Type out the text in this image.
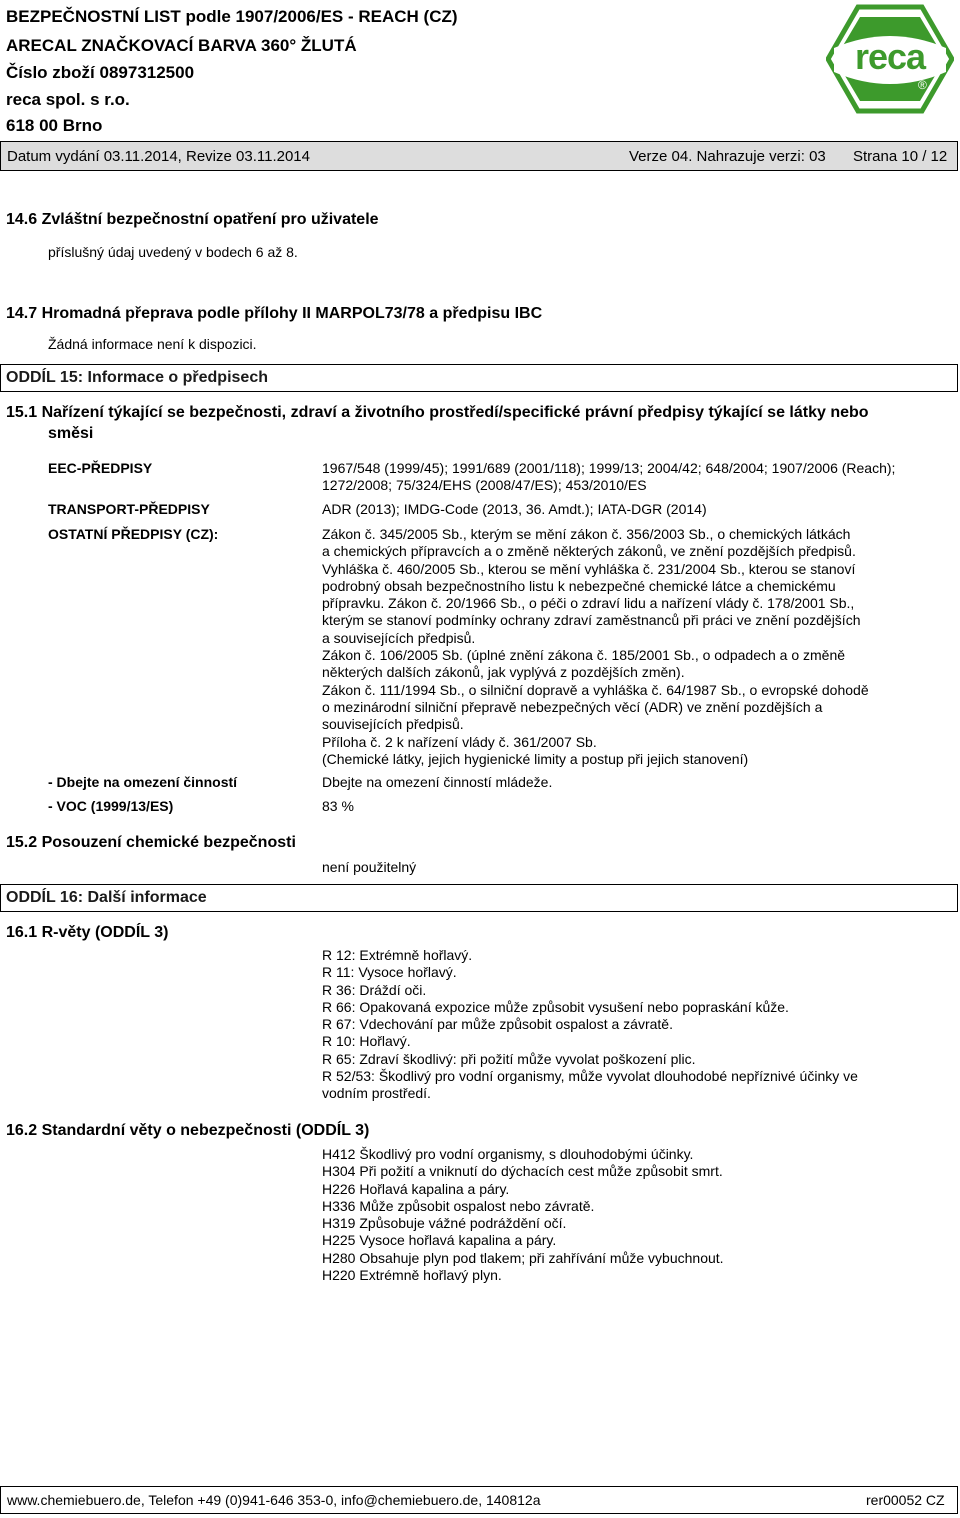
BEZPEČNOSTNÍ LIST podle 1907/2006/ES - REACH (CZ)
ARECAL ZNAČKOVACÍ BARVA 360° ŽLUTÁ
Číslo zboží 0897312500
reca spol. s r.o.
618 00 Brno
reca
®
Datum vydání 03.11.2014, Revize 03.11.2014	Verze 04. Nahrazuje verzi: 03 Strana 10 / 12
14.6 Zvláštní bezpečnostní opatření pro uživatele
příslušný údaj uvedený v bodech 6 až 8.
14.7 Hromadná přeprava podle přílohy II MARPOL73/78 a předpisu IBC
Žádná informace není k dispozici.
ODDÍL 15: Informace o předpisech
15.1 Nařízení týkající se bezpečnosti, zdraví a životního prostředí/specifické právní předpisy týkající se látky nebo
směsi
EEC-PŘEDPISY	1967/548 (1999/45); 1991/689 (2001/118); 1999/13; 2004/42; 648/2004; 1907/2006 (Reach);
1272/2008; 75/324/EHS (2008/47/ES); 453/2010/ES
TRANSPORT-PŘEDPISY	ADR (2013); IMDG-Code (2013, 36. Amdt.); IATA-DGR (2014)
OSTATNÍ PŘEDPISY (CZ):	Zákon č. 345/2005 Sb., kterým se mění zákon č. 356/2003 Sb., o chemických látkách
a chemických přípravcích a o změně některých zákonů, ve znění pozdějších předpisů.
Vyhláška č. 460/2005 Sb., kterou se mění vyhláška č. 231/2004 Sb., kterou se stanoví
podrobný obsah bezpečnostního listu k nebezpečné chemické látce a chemickému
přípravku. Zákon č. 20/1966 Sb., o péči o zdraví lidu a nařízení vlády č. 178/2001 Sb.,
kterým se stanoví podmínky ochrany zdraví zaměstnanců při práci ve znění pozdějších
a souvisejících předpisů.
Zákon č. 106/2005 Sb. (úplné znění zákona č. 185/2001 Sb., o odpadech a o změně
některých dalších zákonů, jak vyplývá z pozdějších změn).
Zákon č. 111/1994 Sb., o silniční dopravě a vyhláška č. 64/1987 Sb., o evropské dohodě
o mezinárodní silniční přepravě nebezpečných věcí (ADR) ve znění pozdějších a
souvisejících předpisů.
Příloha č. 2 k nařízení vlády č. 361/2007 Sb.
(Chemické látky, jejich hygienické limity a postup při jejich stanovení)
- Dbejte na omezení činností	Dbejte na omezení činností mládeže.
- VOC (1999/13/ES)	83 %
15.2 Posouzení chemické bezpečnosti
není použitelný
ODDÍL 16: Další informace
16.1 R-věty (ODDÍL 3)
R 12: Extrémně hořlavý.
R 11: Vysoce hořlavý.
R 36: Dráždí oči.
R 66: Opakovaná expozice může způsobit vysušení nebo popraskání kůže.
R 67: Vdechování par může způsobit ospalost a závratě.
R 10: Hořlavý.
R 65: Zdraví škodlivý: při požití může vyvolat poškození plic.
R 52/53: Škodlivý pro vodní organismy, může vyvolat dlouhodobé nepříznivé účinky ve
vodním prostředí.
16.2 Standardní věty o nebezpečnosti (ODDÍL 3)
H412 Škodlivý pro vodní organismy, s dlouhodobými účinky.
H304 Při požití a vniknutí do dýchacích cest může způsobit smrt.
H226 Hořlavá kapalina a páry.
H336 Může způsobit ospalost nebo závratě.
H319 Způsobuje vážné podráždění očí.
H225 Vysoce hořlavá kapalina a páry.
H280 Obsahuje plyn pod tlakem; při zahřívání může vybuchnout.
H220 Extrémně hořlavý plyn.
www.chemiebuero.de, Telefon +49 (0)941-646 353-0, info@chemiebuero.de, 140812a	rer00052 CZ
